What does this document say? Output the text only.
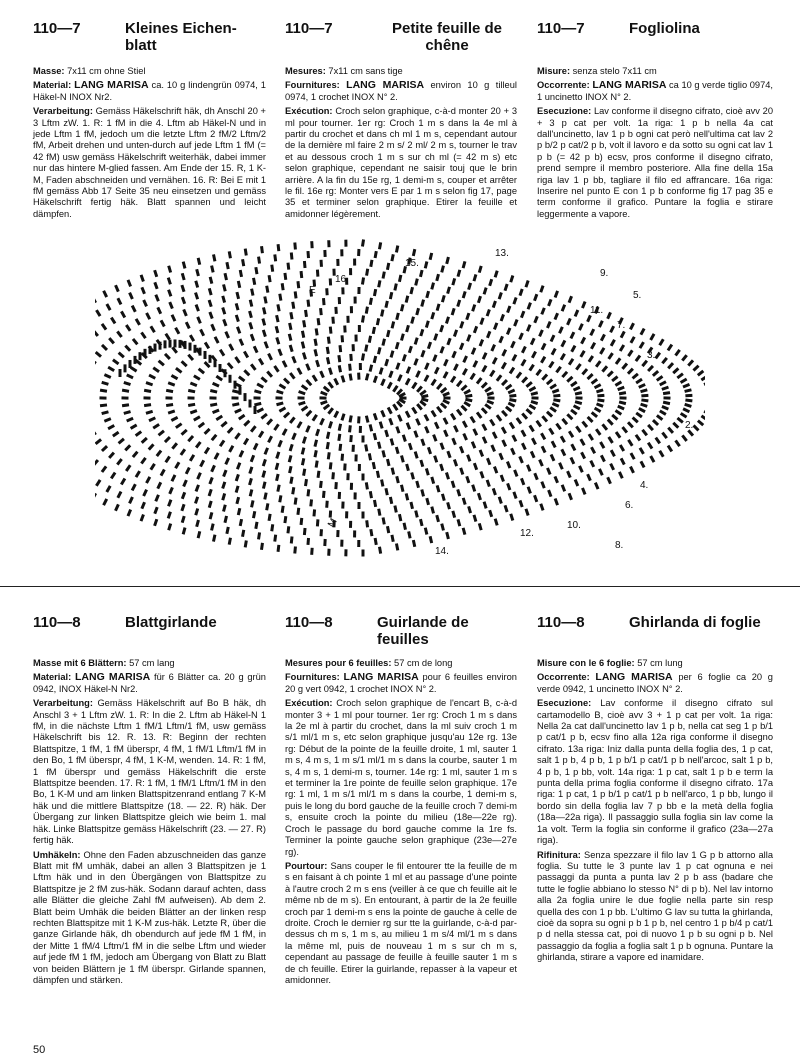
110—7	Kleines Eichen-blatt

Masse: 7x11 cm ohne Stiel

Material: LANG MARISA ca. 10 g lindengrün 0974, 1 Häkel-N INOX Nr2.

Verarbeitung: Gemäss Häkelschrift häk, dh Anschl 20 + 3 Lftm zW. 1. R: 1 fM in die 4. Lftm ab Häkel-N und in jede Lftm 1 fM, jedoch um die letzte Lftm 2 fM/2 Lftm/2 fM, Arbeit drehen und unten-durch auf jede Lftm 1 fM (= 42 fM) usw gemäss Häkelschrift weiterhäk, dabei immer nur das hintere M-glied fassen. Am Ende der 15. R, 1 K-M, Faden abschneiden und vernähen. 16. R: Bei E mit 1 fM gemäss Abb 17 Seite 35 neu einsetzen und gemäss Häkelschrift fertig häk. Blatt spannen und leicht dämpfen.

110—7	Petite feuille de chêne

Mesures: 7x11 cm sans tige

Fournitures: LANG MARISA environ 10 g tilleul 0974, 1 crochet INOX N° 2.

Exécution: Croch selon graphique, c-à-d monter 20 + 3 ml pour tourner. 1er rg: Croch 1 m s dans la 4e ml à partir du crochet et dans ch ml 1 m s, cependant autour de la dernière ml faire 2 m s/ 2 ml/ 2 m s, tourner le trav et au dessous croch 1 m s sur ch ml (= 42 m s) etc selon graphique, cependant ne saisir touj que le brin arrière. A la fin du 15e rg, 1 demi-m s, couper et arrêter le fil. 16e rg: Monter vers E par 1 m s selon fig 17, page 35 et terminer selon graphique. Etirer la feuille et amidonner légèrement.

110—7	Fogliolina

Misure: senza stelo 7x11 cm

Occorrente: LANG MARISA ca 10 g verde tiglio 0974, 1 uncinetto INOX N° 2.

Esecuzione: Lav conforme il disegno cifrato, cioè avv 20 + 3 p cat per volt. 1a riga: 1 p b nella 4a cat dall'uncinetto, lav 1 p b ogni cat però nell'ultima cat lav 2 p b/2 p cat/2 p b, volt il lavoro e da sotto su ogni cat lav 1 p b (= 42 p b) ecsv, pros conforme il disegno cifrato, prend sempre il membro posteriore. Alla fine della 15a riga lav 1 p bb, tagliare il filo ed affrancare. 16a riga: Inserire nel punto E con 1 p b conforme fig 17 pag 35 e term conforme il grafico. Puntare la foglia e stirare leggermente a vapore.

2.
3.
4.
5.
6.
7.
8.
9.
10.
11.
12.
13.
14.
15.
16.
E
M
110—8	Blattgirlande

Masse mit 6 Blättern: 57 cm lang

Material: LANG MARISA für 6 Blätter ca. 20 g grün 0942, INOX Häkel-N Nr2.

Verarbeitung: Gemäss Häkelschrift auf Bo B häk, dh Anschl 3 + 1 Lftm zW. 1. R: In die 2. Lftm ab Häkel-N 1 fM, in die nächste Lftm 1 fM/1 Lftm/1 fM, usw gemäss Häkelschrift bis 12. R. 13. R: Beginn der rechten Blattspitze, 1 fM, 1 fM überspr, 4 fM, 1 fM/1 Lftm/1 fM in den Bo, 1 fM überspr, 4 fM, 1 K-M, wenden. 14. R: 1 fM, 1 fM überspr und gemäss Häkelschrift die erste Blattspitze beenden. 17. R: 1 fM, 1 fM/1 Lftm/1 fM in den Bo, 1 K-M und am linken Blattspitzenrand entlang 7 K-M häk und die mittlere Blattspitze (18. — 22. R) häk. Der Übergang zur linken Blattspitze gleich wie beim 1. mal häk. Linke Blattspitze gemäss Häkelschrift (23. — 27. R) fertig häk.

Umhäkeln: Ohne den Faden abzuschneiden das ganze Blatt mit fM umhäk, dabei an allen 3 Blattspitzen je 1 Lftm häk und in den Übergängen von Blattspitze zu Blattspitze je 2 fM zus-häk. Sodann darauf achten, dass alle Blätter die gleiche Zahl fM aufweisen). Ab dem 2. Blatt beim Umhäk die beiden Blätter an der linken resp rechten Blattspitze mit 1 K-M zus-häk. Letzte R, über die ganze Girlande häk, dh obendurch auf jede fM 1 fM, in der Mitte 1 fM/4 Lftm/1 fM in die selbe Lftm und wieder auf jede fM 1 fM, jedoch am Übergang von Blatt zu Blatt von beiden Blättern je 1 fM überspr. Girlande spannen, dämpfen und stärken.

110—8	Guirlande de feuilles

Mesures pour 6 feuilles: 57 cm de long

Fournitures: LANG MARISA pour 6 feuilles environ 20 g vert 0942, 1 crochet INOX N° 2.

Exécution: Croch selon graphique de l'encart B, c-à-d monter 3 + 1 ml pour tourner. 1er rg: Croch 1 m s dans la 2e ml à partir du crochet, dans la ml suiv croch 1 m s/1 ml/1 m s, etc selon graphique jusqu'au 12e rg. 13e rg: Début de la pointe de la feuille droite, 1 ml, sauter 1 m s, 4 m s, 1 m s/1 ml/1 m s dans la courbe, sauter 1 m s, 4 m s, 1 demi-m s, tourner. 14e rg: 1 ml, sauter 1 m s et terminer la 1re pointe de feuille selon graphique. 17e rg: 1 ml, 1 m s/1 ml/1 m s dans la courbe, 1 demi-m s, puis le long du bord gauche de la feuille croch 7 demi-m s, ensuite croch la pointe du milieu (18e—22e rg). Croch le passage du bord gauche comme la 1re fs. Terminer la pointe gauche selon graphique (23e—27e rg).

Pourtour: Sans couper le fil entourer tte la feuille de m s en faisant à ch pointe 1 ml et au passage d'une pointe à l'autre croch 2 m s ens (veiller à ce que ch feuille ait le même nb de m s). En entourant, à partir de la 2e feuille croch par 1 demi-m s ens la pointe de gauche à celle de droite. Croch le dernier rg sur tte la guirlande, c-à-d par-dessus ch m s, 1 m s, au milieu 1 m s/4 ml/1 m s dans la même ml, puis de nouveau 1 m s sur ch m s, cependant au passage de feuille à feuille sauter 1 m s de ch feuille. Etirer la guirlande, repasser à la vapeur et amidonner.

110—8	Ghirlanda di foglie

Misure con le 6 foglie: 57 cm lung

Occorrente: LANG MARISA per 6 foglie ca 20 g verde 0942, 1 uncinetto INOX N° 2.

Esecuzione: Lav conforme il disegno cifrato sul cartamodello B, cioè avv 3 + 1 p cat per volt. 1a riga: Nella 2a cat dall'uncinetto lav 1 p b, nella cat seg 1 p b/1 p cat/1 p b, ecsv fino alla 12a riga conforme il disegno cifrato. 13a riga: Iniz dalla punta della foglia des, 1 p cat, salt 1 p b, 4 p b, 1 p b/1 p cat/1 p b nell'arcoc, salt 1 p b, 4 p b, 1 p bb, volt. 14a riga: 1 p cat, salt 1 p b e term la punta della prima foglia conforme il disegno cifrato. 17a riga: 1 p cat, 1 p b/1 p cat/1 p b nell'arco, 1 p bb, lungo il bordo sin della foglia lav 7 p bb e la metà della foglia (18a—22a riga). Il passaggio sulla foglia sin lav come la 1a volt. Term la foglia sin conforme il grafico (23a—27a riga).

Rifinitura: Senza spezzare il filo lav 1 G p b attorno alla foglia. Su tutte le 3 punte lav 1 p cat ognuna e nei passaggi da punta a punta lav 2 p b ass (badare che tutte le foglie abbiano lo stesso N° di p b). Nel lav intorno alla 2a foglia unire le due foglie nella parte sin resp quella des con 1 p bb. L'ultimo G lav su tutta la ghirlanda, cioè da sopra su ogni p b 1 p b, nel centro 1 p b/4 p cat/1 p d nella stessa cat, poi di nuovo 1 p b su ogni p b. Nel passaggio da foglia a foglia salt 1 p b ognuna. Puntare la ghirlanda, stirare a vapore ed inamidare.

50
